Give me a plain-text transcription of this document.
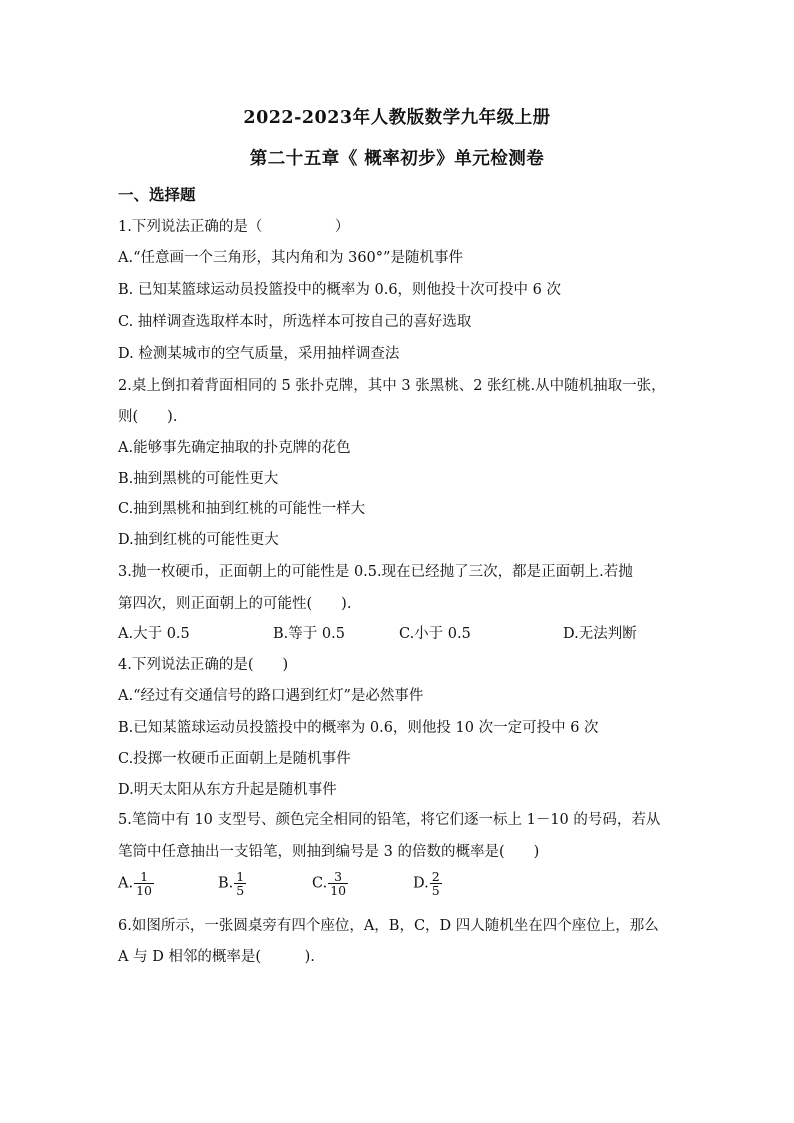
2022-2023年人教版数学九年级上册
第二十五章《 概率初步》单元检测卷
一、选择题
1.下列说法正确的是（　　　　　）
A.“任意画一个三角形，其内角和为 360°”是随机事件
B. 已知某篮球运动员投篮投中的概率为 0.6，则他投十次可投中 6 次
C. 抽样调查选取样本时，所选样本可按自己的喜好选取
D. 检测某城市的空气质量，采用抽样调查法
2.桌上倒扣着背面相同的 5 张扑克牌，其中 3 张黑桃、2 张红桃.从中随机抽取一张，
则(　　).
A.能够事先确定抽取的扑克牌的花色
B.抽到黑桃的可能性更大
C.抽到黑桃和抽到红桃的可能性一样大
D.抽到红桃的可能性更大
3.抛一枚硬币，正面朝上的可能性是 0.5.现在已经抛了三次，都是正面朝上.若抛
第四次，则正面朝上的可能性(　　).
A.大于 0.5	B.等于 0.5	C.小于 0.5	D.无法判断
4.下列说法正确的是(　　)
A.“经过有交通信号的路口遇到红灯”是必然事件
B.已知某篮球运动员投篮投中的概率为 0.6，则他投 10 次一定可投中 6 次
C.投掷一枚硬币正面朝上是随机事件
D.明天太阳从东方升起是随机事件
5.笔筒中有 10 支型号、颜色完全相同的铅笔，将它们逐一标上 1－10 的号码，若从
笔筒中任意抽出一支铅笔，则抽到编号是 3 的倍数的概率是(　　)
A. $\frac{1}{10}$	B. $\frac{1}{5}$	C. $\frac{3}{10}$	D. $\frac{2}{5}$
6.如图所示，一张圆桌旁有四个座位，A，B，C，D 四人随机坐在四个座位上，那么
A 与 D 相邻的概率是(　　　).
